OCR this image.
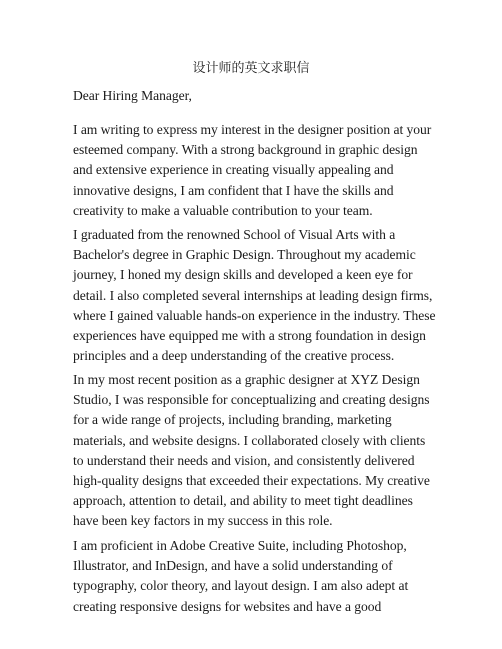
设计师的英文求职信
Dear Hiring Manager,
I am writing to express my interest in the designer position at your
esteemed company. With a strong background in graphic design
and extensive experience in creating visually appealing and
innovative designs, I am confident that I have the skills and
creativity to make a valuable contribution to your team.
I graduated from the renowned School of Visual Arts with a
Bachelor's degree in Graphic Design. Throughout my academic
journey, I honed my design skills and developed a keen eye for
detail. I also completed several internships at leading design firms,
where I gained valuable hands-on experience in the industry. These
experiences have equipped me with a strong foundation in design
principles and a deep understanding of the creative process.
In my most recent position as a graphic designer at XYZ Design
Studio, I was responsible for conceptualizing and creating designs
for a wide range of projects, including branding, marketing
materials, and website designs. I collaborated closely with clients
to understand their needs and vision, and consistently delivered
high-quality designs that exceeded their expectations. My creative
approach, attention to detail, and ability to meet tight deadlines
have been key factors in my success in this role.
I am proficient in Adobe Creative Suite, including Photoshop,
Illustrator, and InDesign, and have a solid understanding of
typography, color theory, and layout design. I am also adept at
creating responsive designs for websites and have a good
